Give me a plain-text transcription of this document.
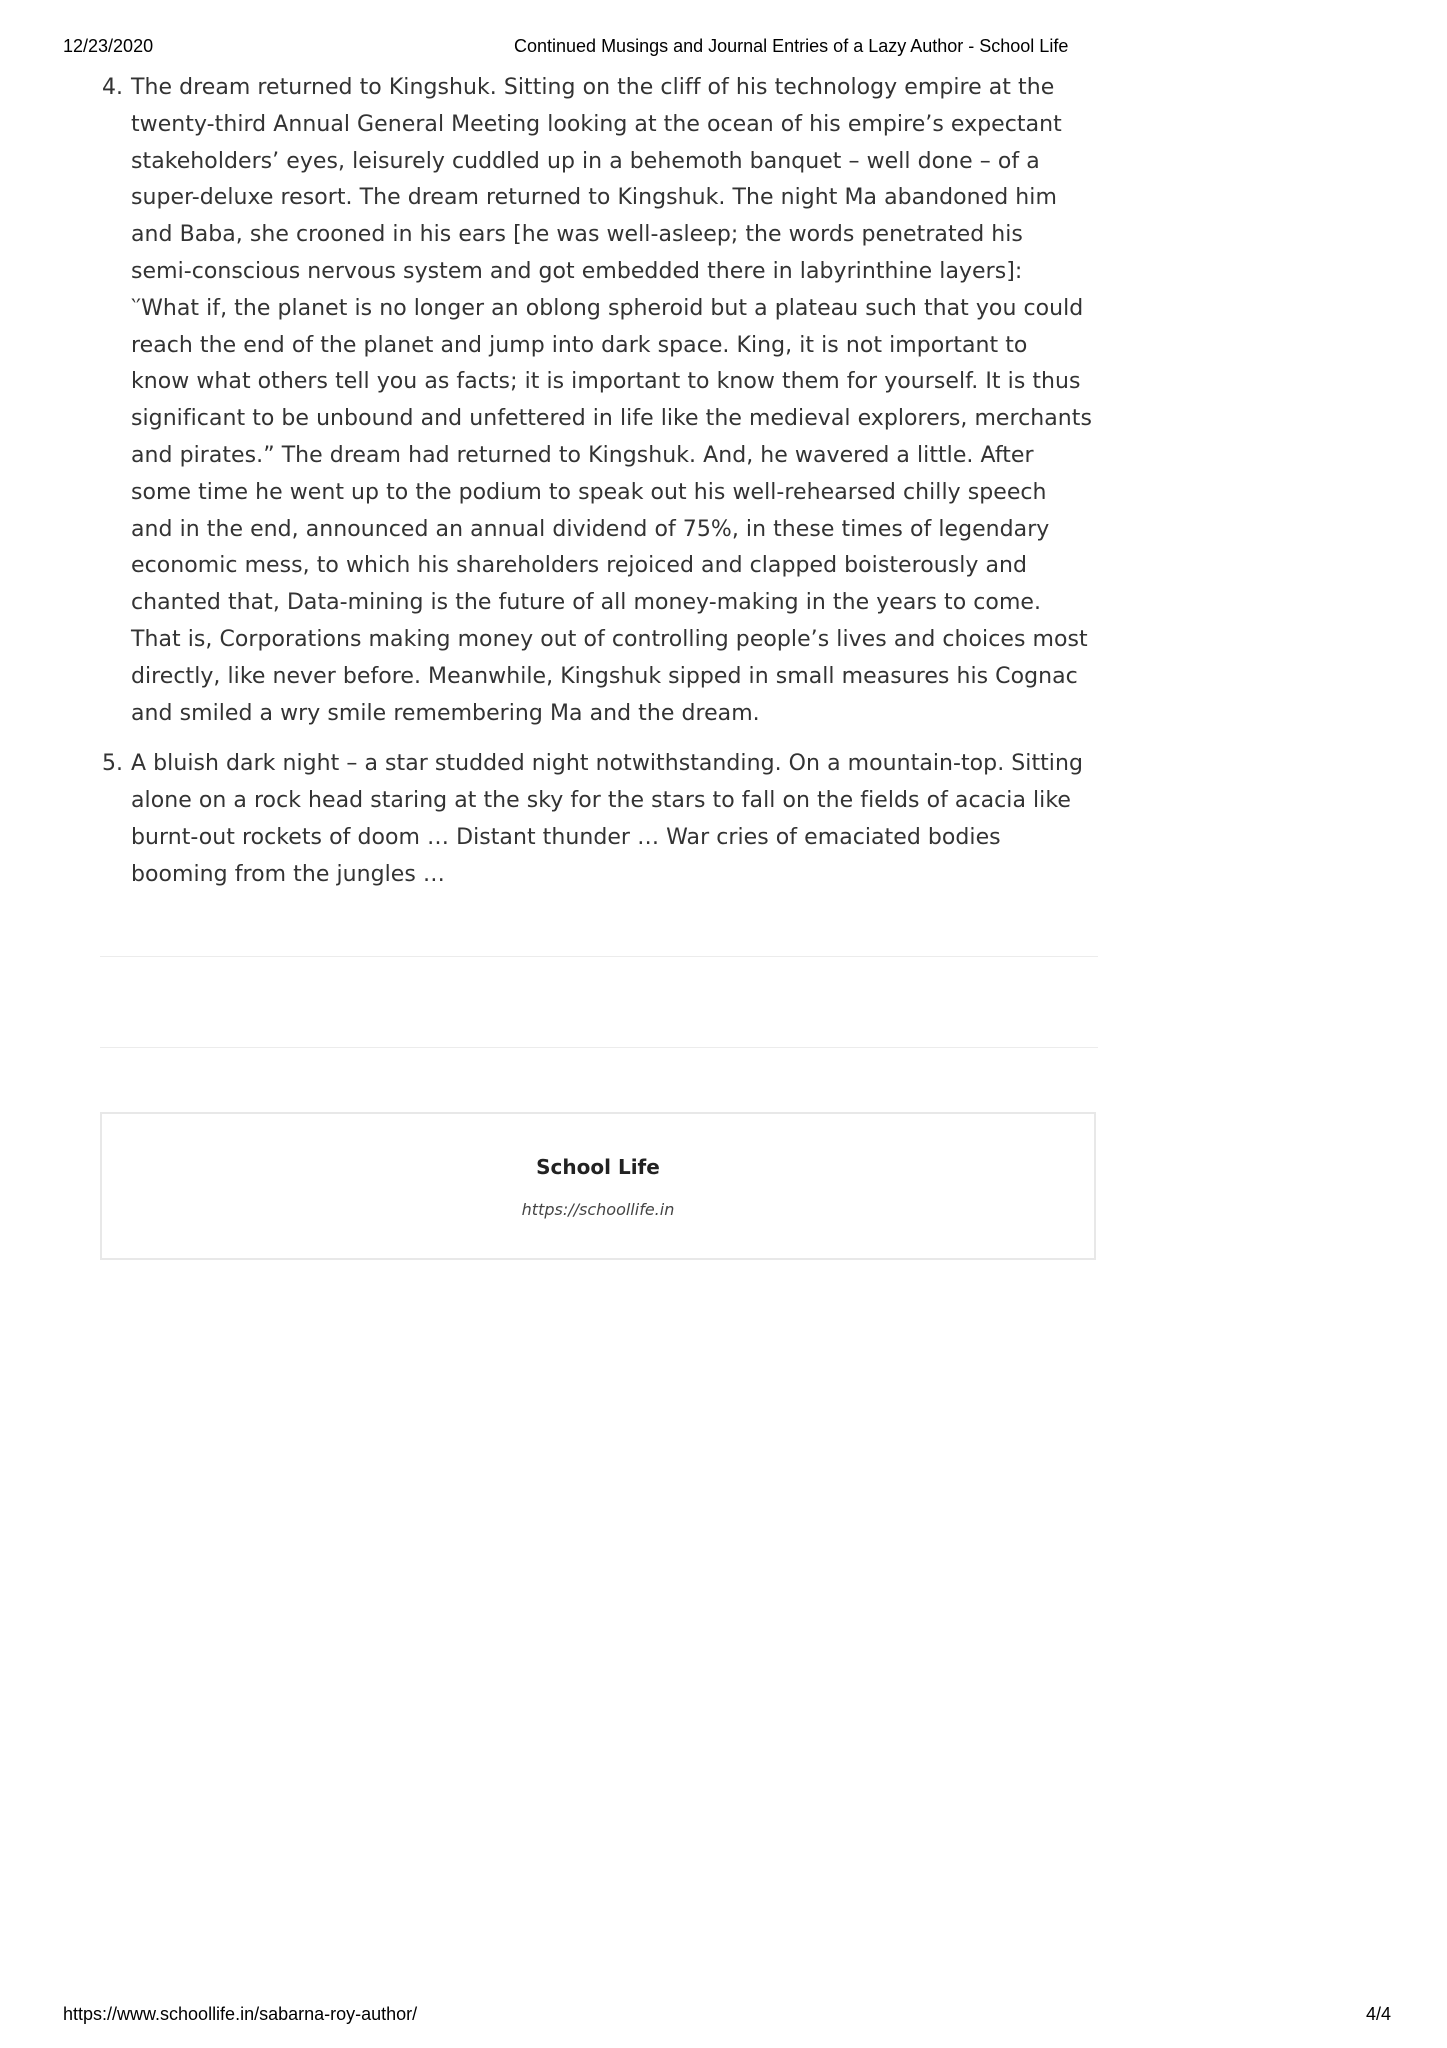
12/23/2020	Continued Musings and Journal Entries of a Lazy Author - School Life
4. The dream returned to Kingshuk. Sitting on the cliff of his technology empire at the
twenty-third Annual General Meeting looking at the ocean of his empire’s expectant
stakeholders’ eyes, leisurely cuddled up in a behemoth banquet – well done – of a
super-deluxe resort. The dream returned to Kingshuk. The night Ma abandoned him
and Baba, she crooned in his ears [he was well-asleep; the words penetrated his
semi-conscious nervous system and got embedded there in labyrinthine layers]:
‵′What if, the planet is no longer an oblong spheroid but a plateau such that you could
reach the end of the planet and jump into dark space. King, it is not important to
know what others tell you as facts; it is important to know them for yourself. It is thus
significant to be unbound and unfettered in life like the medieval explorers, merchants
and pirates.” The dream had returned to Kingshuk. And, he wavered a little. After
some time he went up to the podium to speak out his well-rehearsed chilly speech
and in the end, announced an annual dividend of 75%, in these times of legendary
economic mess, to which his shareholders rejoiced and clapped boisterously and
chanted that, Data-mining is the future of all money-making in the years to come.
That is, Corporations making money out of controlling people’s lives and choices most
directly, like never before. Meanwhile, Kingshuk sipped in small measures his Cognac
and smiled a wry smile remembering Ma and the dream.

5. A bluish dark night – a star studded night notwithstanding. On a mountain-top. Sitting
alone on a rock head staring at the sky for the stars to fall on the fields of acacia like
burnt-out rockets of doom … Distant thunder … War cries of emaciated bodies
booming from the jungles …

School Life
https://schoollife.in
https://www.schoollife.in/sabarna-roy-author/	4/4
